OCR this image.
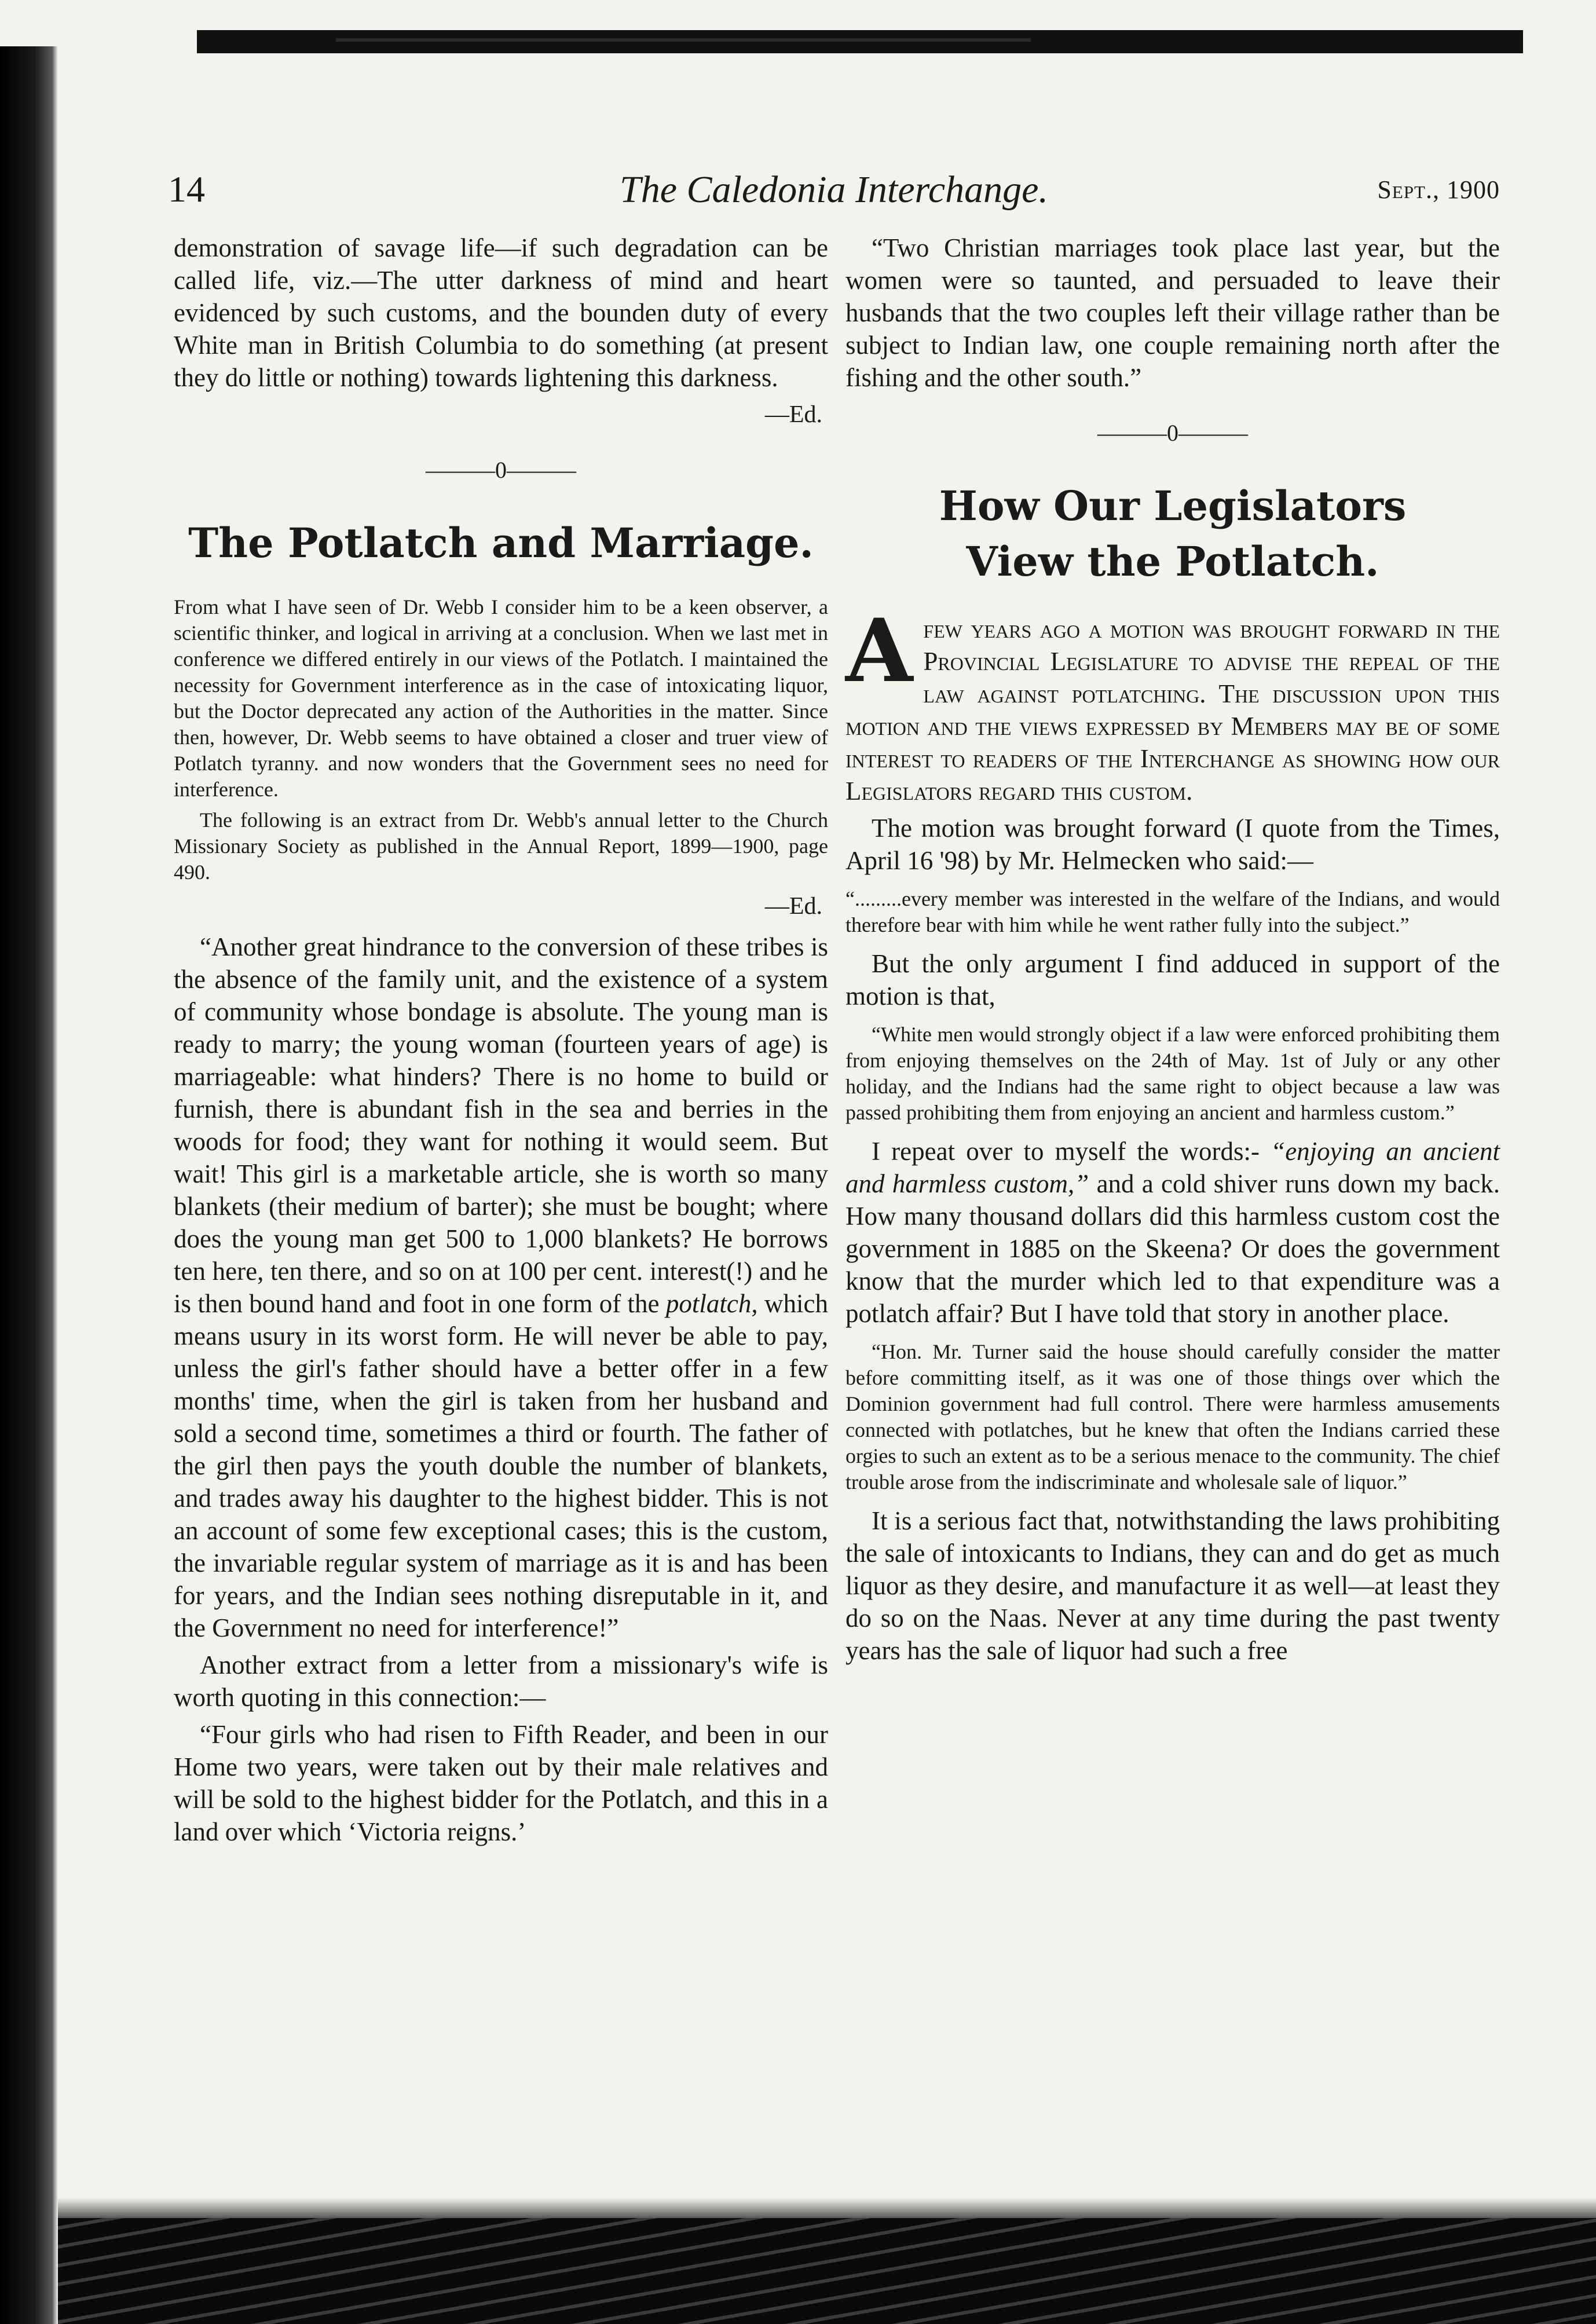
14	The Caledonia Interchange.	Sept., 1900

demonstration of savage life—if such degradation can be called life, viz.—The utter darkness of mind and heart evidenced by such customs, and the bounden duty of every White man in British Columbia to do something (at present they do little or nothing) towards lightening this darkness.

—Ed.
———0———
The Potlatch and Marriage.

From what I have seen of Dr. Webb I consider him to be a keen observer, a scientific thinker, and logical in arriving at a conclusion. When we last met in conference we differed entirely in our views of the Potlatch. I maintained the necessity for Government interference as in the case of intoxicating liquor, but the Doctor deprecated any action of the Authorities in the matter. Since then, however, Dr. Webb seems to have obtained a closer and truer view of Potlatch tyranny. and now wonders that the Government sees no need for interference.

The following is an extract from Dr. Webb's annual letter to the Church Missionary Society as published in the Annual Report, 1899—1900, page 490.

—Ed.

“Another great hindrance to the conversion of these tribes is the absence of the family unit, and the existence of a system of community whose bondage is absolute. The young man is ready to marry; the young woman (fourteen years of age) is marriageable: what hinders? There is no home to build or furnish, there is abundant fish in the sea and berries in the woods for food; they want for nothing it would seem. But wait! This girl is a marketable article, she is worth so many blankets (their medium of barter); she must be bought; where does the young man get 500 to 1,000 blankets? He borrows ten here, ten there, and so on at 100 per cent. interest(!) and he is then bound hand and foot in one form of the potlatch, which means usury in its worst form. He will never be able to pay, unless the girl's father should have a better offer in a few months' time, when the girl is taken from her husband and sold a second time, sometimes a third or fourth. The father of the girl then pays the youth double the number of blankets, and trades away his daughter to the highest bidder. This is not an account of some few exceptional cases; this is the custom, the invariable regular system of marriage as it is and has been for years, and the Indian sees nothing disreputable in it, and the Government no need for interference!”

Another extract from a letter from a missionary's wife is worth quoting in this connection:—

“Four girls who had risen to Fifth Reader, and been in our Home two years, were taken out by their male relatives and will be sold to the highest bidder for the Potlatch, and this in a land over which ‘Victoria reigns.’

“Two Christian marriages took place last year, but the women were so taunted, and persuaded to leave their husbands that the two couples left their village rather than be subject to Indian law, one couple remaining north after the fishing and the other south.”

———0———
How Our Legislators
View the Potlatch.

Afew years ago a motion was brought forward in the Provincial Legislature to advise the repeal of the law against potlatching. The discussion upon this motion and the views expressed by Members may be of some interest to readers of the Interchange as showing how our Legislators regard this custom.

The motion was brought forward (I quote from the Times, April 16 '98) by Mr. Helmecken who said:—

“.........every member was interested in the welfare of the Indians, and would therefore bear with him while he went rather fully into the subject.”

But the only argument I find adduced in support of the motion is that,

“White men would strongly object if a law were enforced prohibiting them from enjoying themselves on the 24th of May. 1st of July or any other holiday, and the Indians had the same right to object because a law was passed prohibiting them from enjoying an ancient and harmless custom.”

I repeat over to myself the words:- “enjoying an ancient and harmless custom,” and a cold shiver runs down my back. How many thousand dollars did this harmless custom cost the government in 1885 on the Skeena? Or does the government know that the murder which led to that expenditure was a potlatch affair? But I have told that story in another place.

“Hon. Mr. Turner said the house should carefully consider the matter before committing itself, as it was one of those things over which the Dominion government had full control. There were harmless amusements connected with potlatches, but he knew that often the Indians carried these orgies to such an extent as to be a serious menace to the community. The chief trouble arose from the indiscriminate and wholesale sale of liquor.”

It is a serious fact that, notwithstanding the laws prohibiting the sale of intoxicants to Indians, they can and do get as much liquor as they desire, and manufacture it as well—at least they do so on the Naas. Never at any time during the past twenty years has the sale of liquor had such a free
